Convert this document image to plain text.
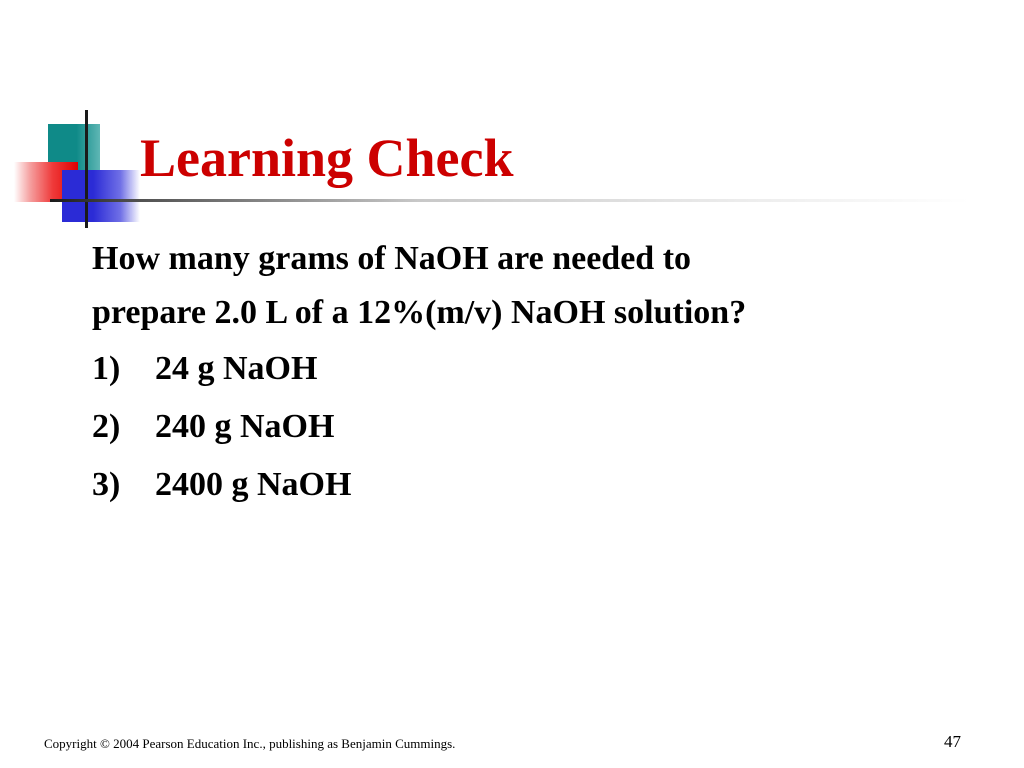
Learning Check
How many grams of NaOH are needed to
prepare 2.0 L of a 12%(m/v) NaOH solution?
1) 24 g NaOH
2) 240 g NaOH
3) 2400 g NaOH
Copyright © 2004 Pearson Education Inc., publishing as Benjamin Cummings.	47
